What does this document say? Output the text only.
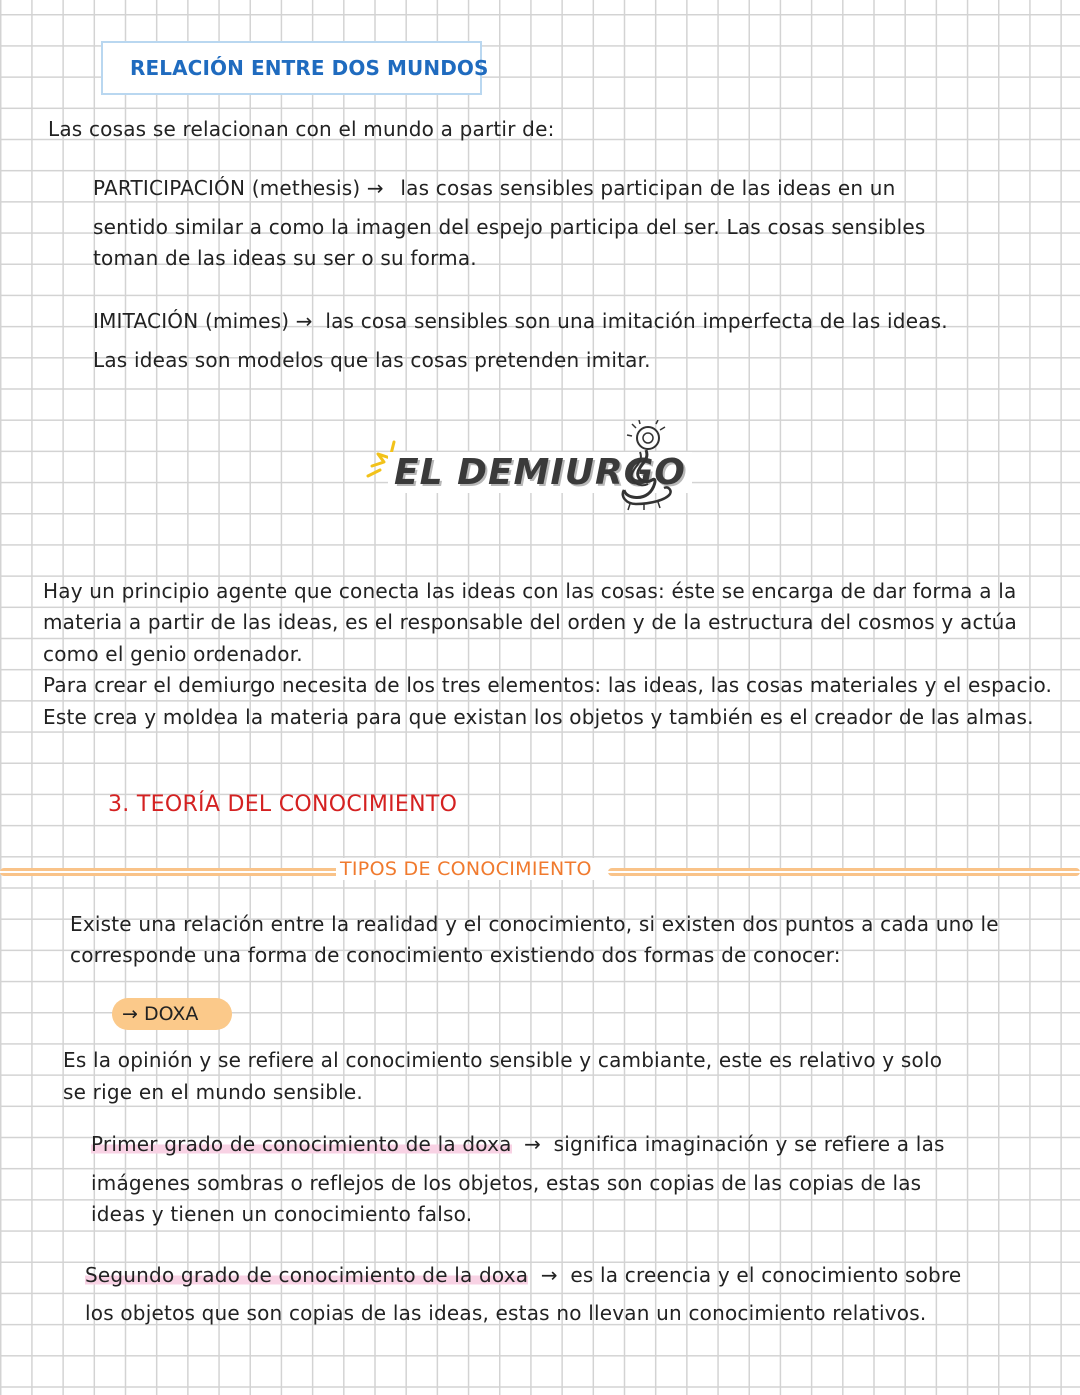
RELACIÓN ENTRE DOS MUNDOS

Las cosas se relacionan con el mundo a partir de:

PARTICIPACIÓN (methesis) → las cosas sensibles participan de las ideas en un

sentido similar a como la imagen del espejo participa del ser. Las cosas sensibles

toman de las ideas su ser o su forma.

IMITACIÓN (mimes) → las cosa sensibles son una imitación imperfecta de las ideas.

Las ideas son modelos que las cosas pretenden imitar.

EL DEMIURGO

Hay un principio agente que conecta las ideas con las cosas: éste se encarga de dar forma a la

materia a partir de las ideas, es el responsable del orden y de la estructura del cosmos y actúa

como el genio ordenador.

Para crear el demiurgo necesita de los tres elementos: las ideas, las cosas materiales y el espacio.

Este crea y moldea la materia para que existan los objetos y también es el creador de las almas.

3. TEORÍA DEL CONOCIMIENTO
TIPOS DE CONOCIMIENTO

Existe una relación entre la realidad y el conocimiento, si existen dos puntos a cada uno le

corresponde una forma de conocimiento existiendo dos formas de conocer:

→ DOXA

Es la opinión y se refiere al conocimiento sensible y cambiante, este es relativo y solo

se rige en el mundo sensible.

Primer grado de conocimiento de la doxa → significa imaginación y se refiere a las

imágenes sombras o reflejos de los objetos, estas son copias de las copias de las

ideas y tienen un conocimiento falso.

Segundo grado de conocimiento de la doxa → es la creencia y el conocimiento sobre

los objetos que son copias de las ideas, estas no llevan un conocimiento relativos.
